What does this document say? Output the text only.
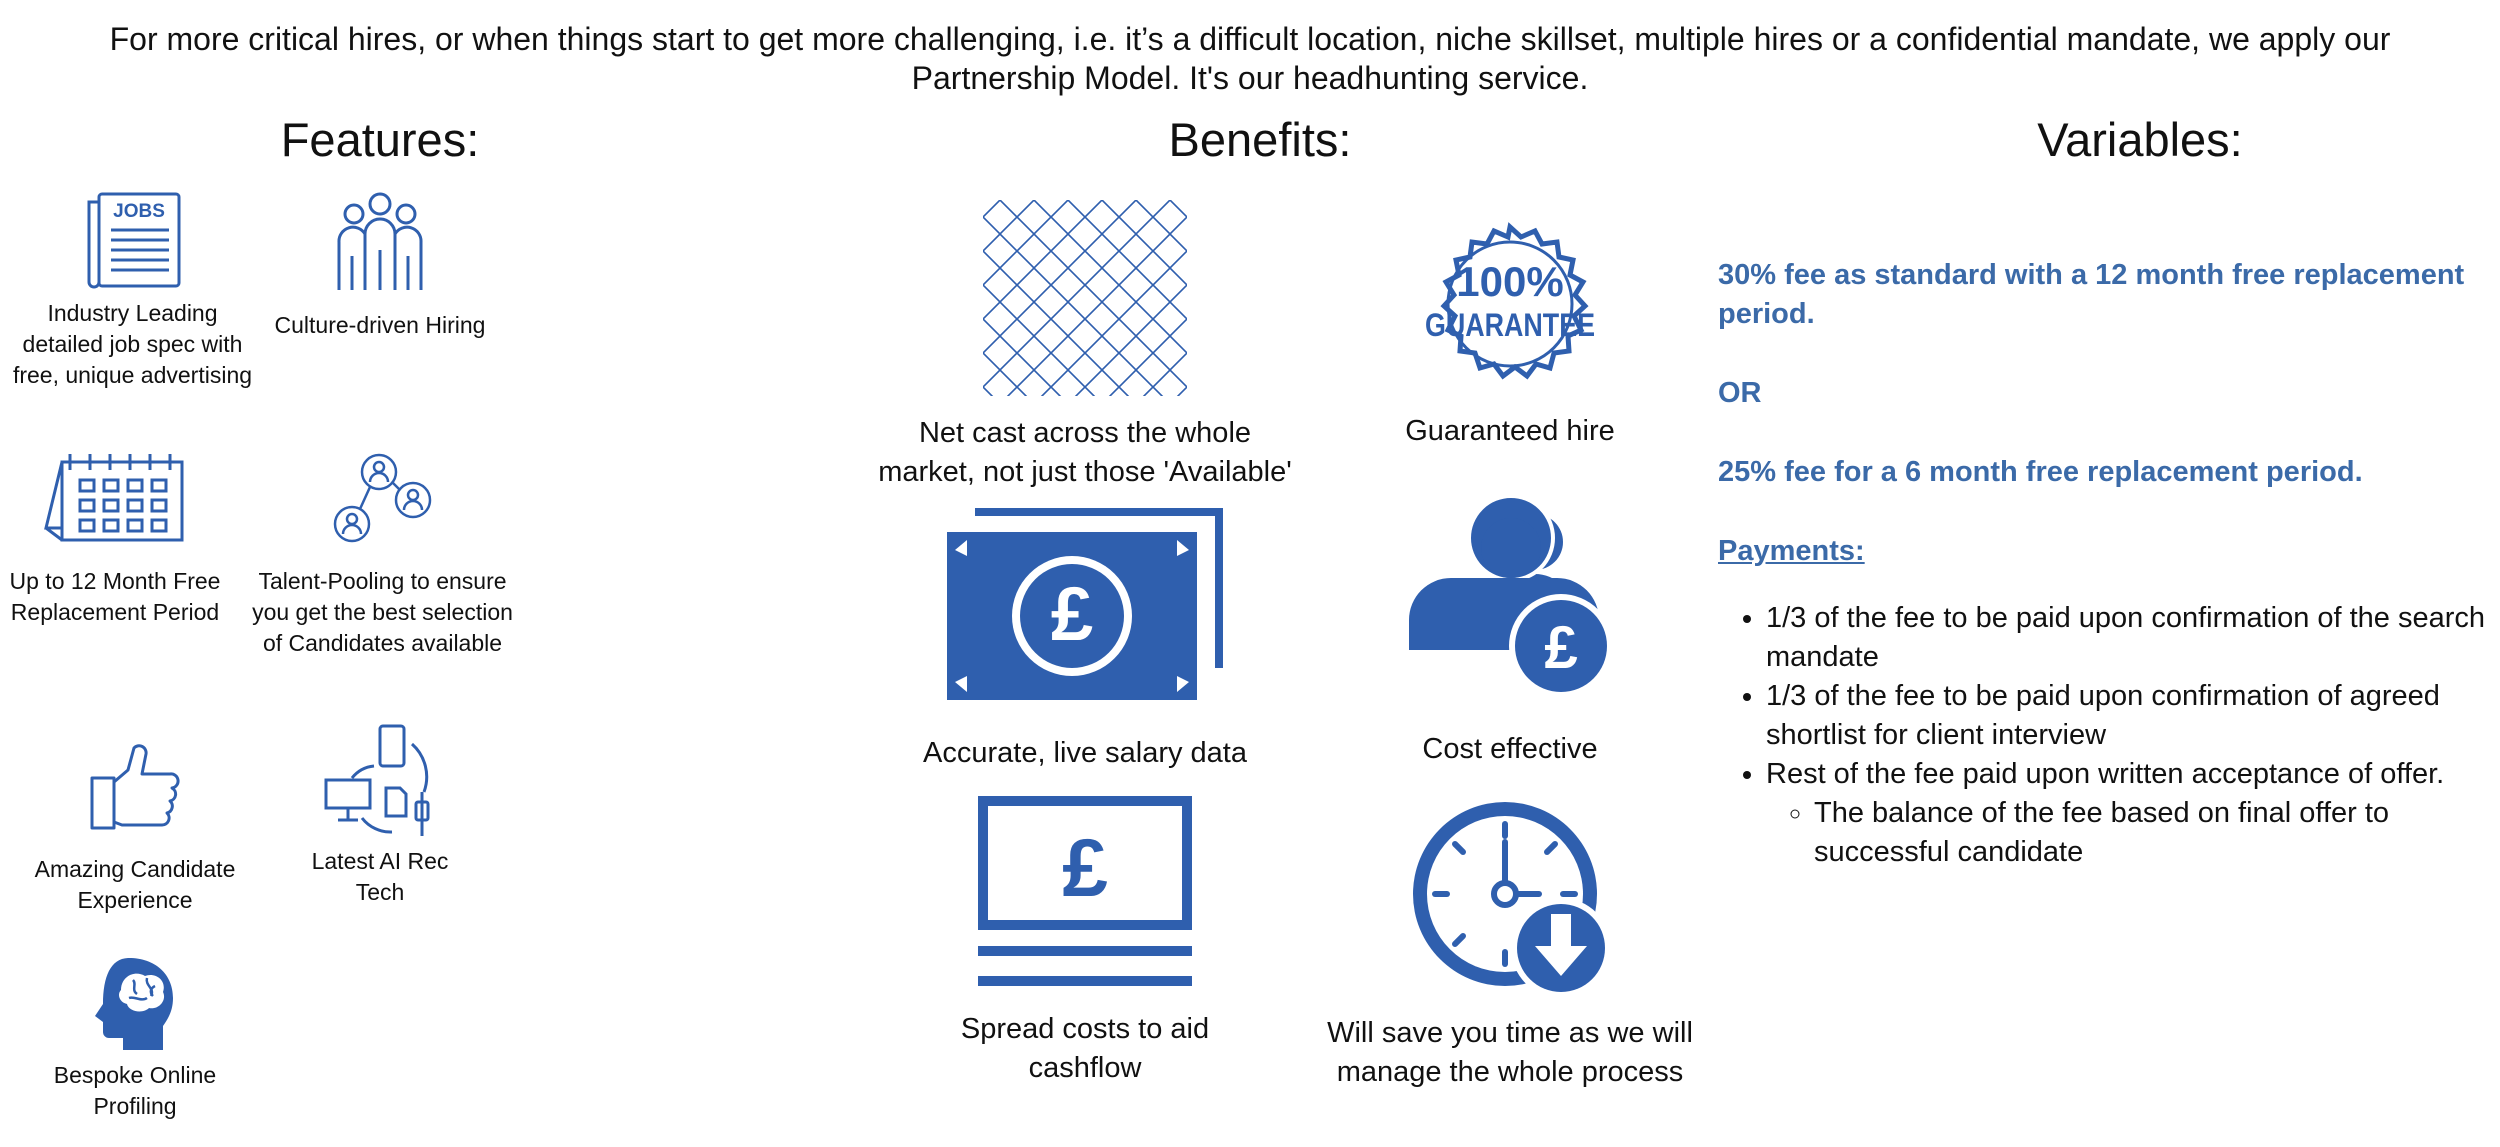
For more critical hires, or when things start to get more challenging, i.e. it’s a difficult location, niche skillset, multiple hires or a confidential mandate, we apply our Partnership Model. It's our headhunting service.
Features:	Benefits:	Variables:
JOBS
Industry Leading detailed job spec with free, unique advertising
Culture-driven Hiring
Up to 12 Month Free Replacement Period
Talent-Pooling to ensure you get the best selection of Candidates available
Amazing Candidate Experience
Latest AI Rec Tech
Bespoke Online Profiling
Net cast across the whole market, not just those 'Available'
100%
GUARANTEE
Guaranteed hire
£
Accurate, live salary data
£
Cost effective
£
Spread costs to aid cashflow
Will save you time as we will manage the whole process

30% fee as standard with a 12 month free replacement period.

OR

25% fee for a 6 month free replacement period.

Payments:

• 1/3 of the fee to be paid upon confirmation of the search mandate
• 1/3 of the fee to be paid upon confirmation of agreed shortlist for client interview
• Rest of the fee paid upon written acceptance of offer.
◦ The balance of the fee based on final offer to successful candidate
